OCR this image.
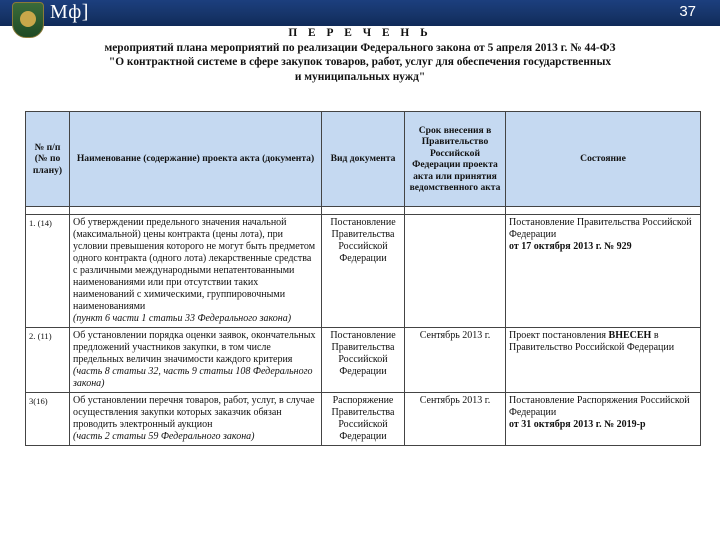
Мф]	37
П Е Р Е Ч Е Н Ь
мероприятий плана мероприятий по реализации Федерального закона от 5 апреля 2013 г. № 44-ФЗ
"О контрактной системе в сфере закупок товаров, работ, услуг для обеспечения государственных
и муниципальных нужд"
№ п/п (№ по плану)	Наименование (содержание) проекта акта (документа)	Вид документа	Срок внесения в Правительство Российской Федерации проекта акта или принятия ведомственного акта	Состояние

1. (14)	Об утверждении предельного значения начальной (максимальной) цены контракта (цены лота), при условии превышения которого не могут быть предметом одного контракта (одного лота) лекарственные средства с различными международными непатентованными наименованиями или при отсутствии таких наименований с химическими, группировочными наименованиями
(пункт 6 части 1 статьи 33 Федерального закона)	Постановление Правительства Российской Федерации		Постановление Правительства Российской Федерации
от 17 октября 2013 г. № 929
2. (11)	Об установлении порядка оценки заявок, окончательных предложений участников закупки, в том числе предельных величин значимости каждого критерия
(часть 8 статьи 32, часть 9 статьи 108 Федерального закона)	Постановление Правительства Российской Федерации	Сентябрь 2013 г.	Проект постановления ВНЕСЕН в Правительство Российской Федерации
3(16)	Об установлении перечня товаров, работ, услуг, в случае осуществления закупки которых заказчик обязан проводить электронный аукцион
(часть 2 статьи 59 Федерального закона)	Распоряжение Правительства Российской Федерации	Сентябрь 2013 г.	Постановление Распоряжения Российской Федерации
от 31 октября 2013 г. № 2019-р
